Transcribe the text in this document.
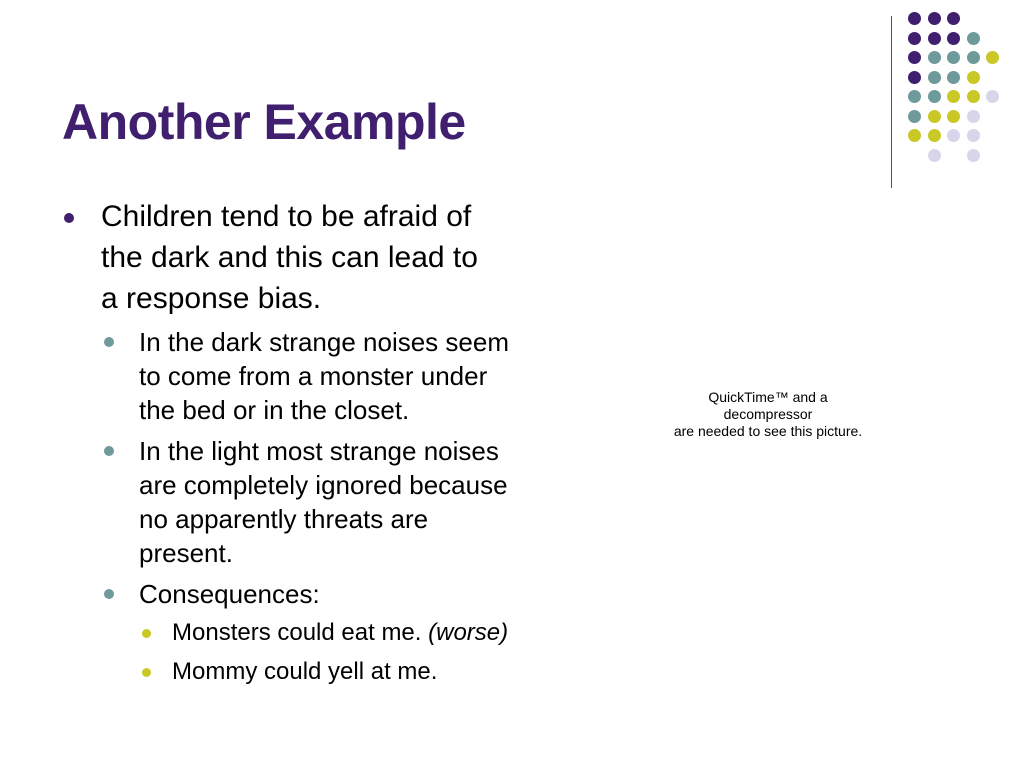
Another Example
Children tend to be afraid of
the dark and this can lead to
a response bias.
In the dark strange noises seem
to come from a monster under
the bed or in the closet.
In the light most strange noises
are completely ignored because
no apparently threats are
present.
Consequences:
Monsters could eat me. (worse)
Mommy could yell at me.
QuickTime™ and a
decompressor
are needed to see this picture.
